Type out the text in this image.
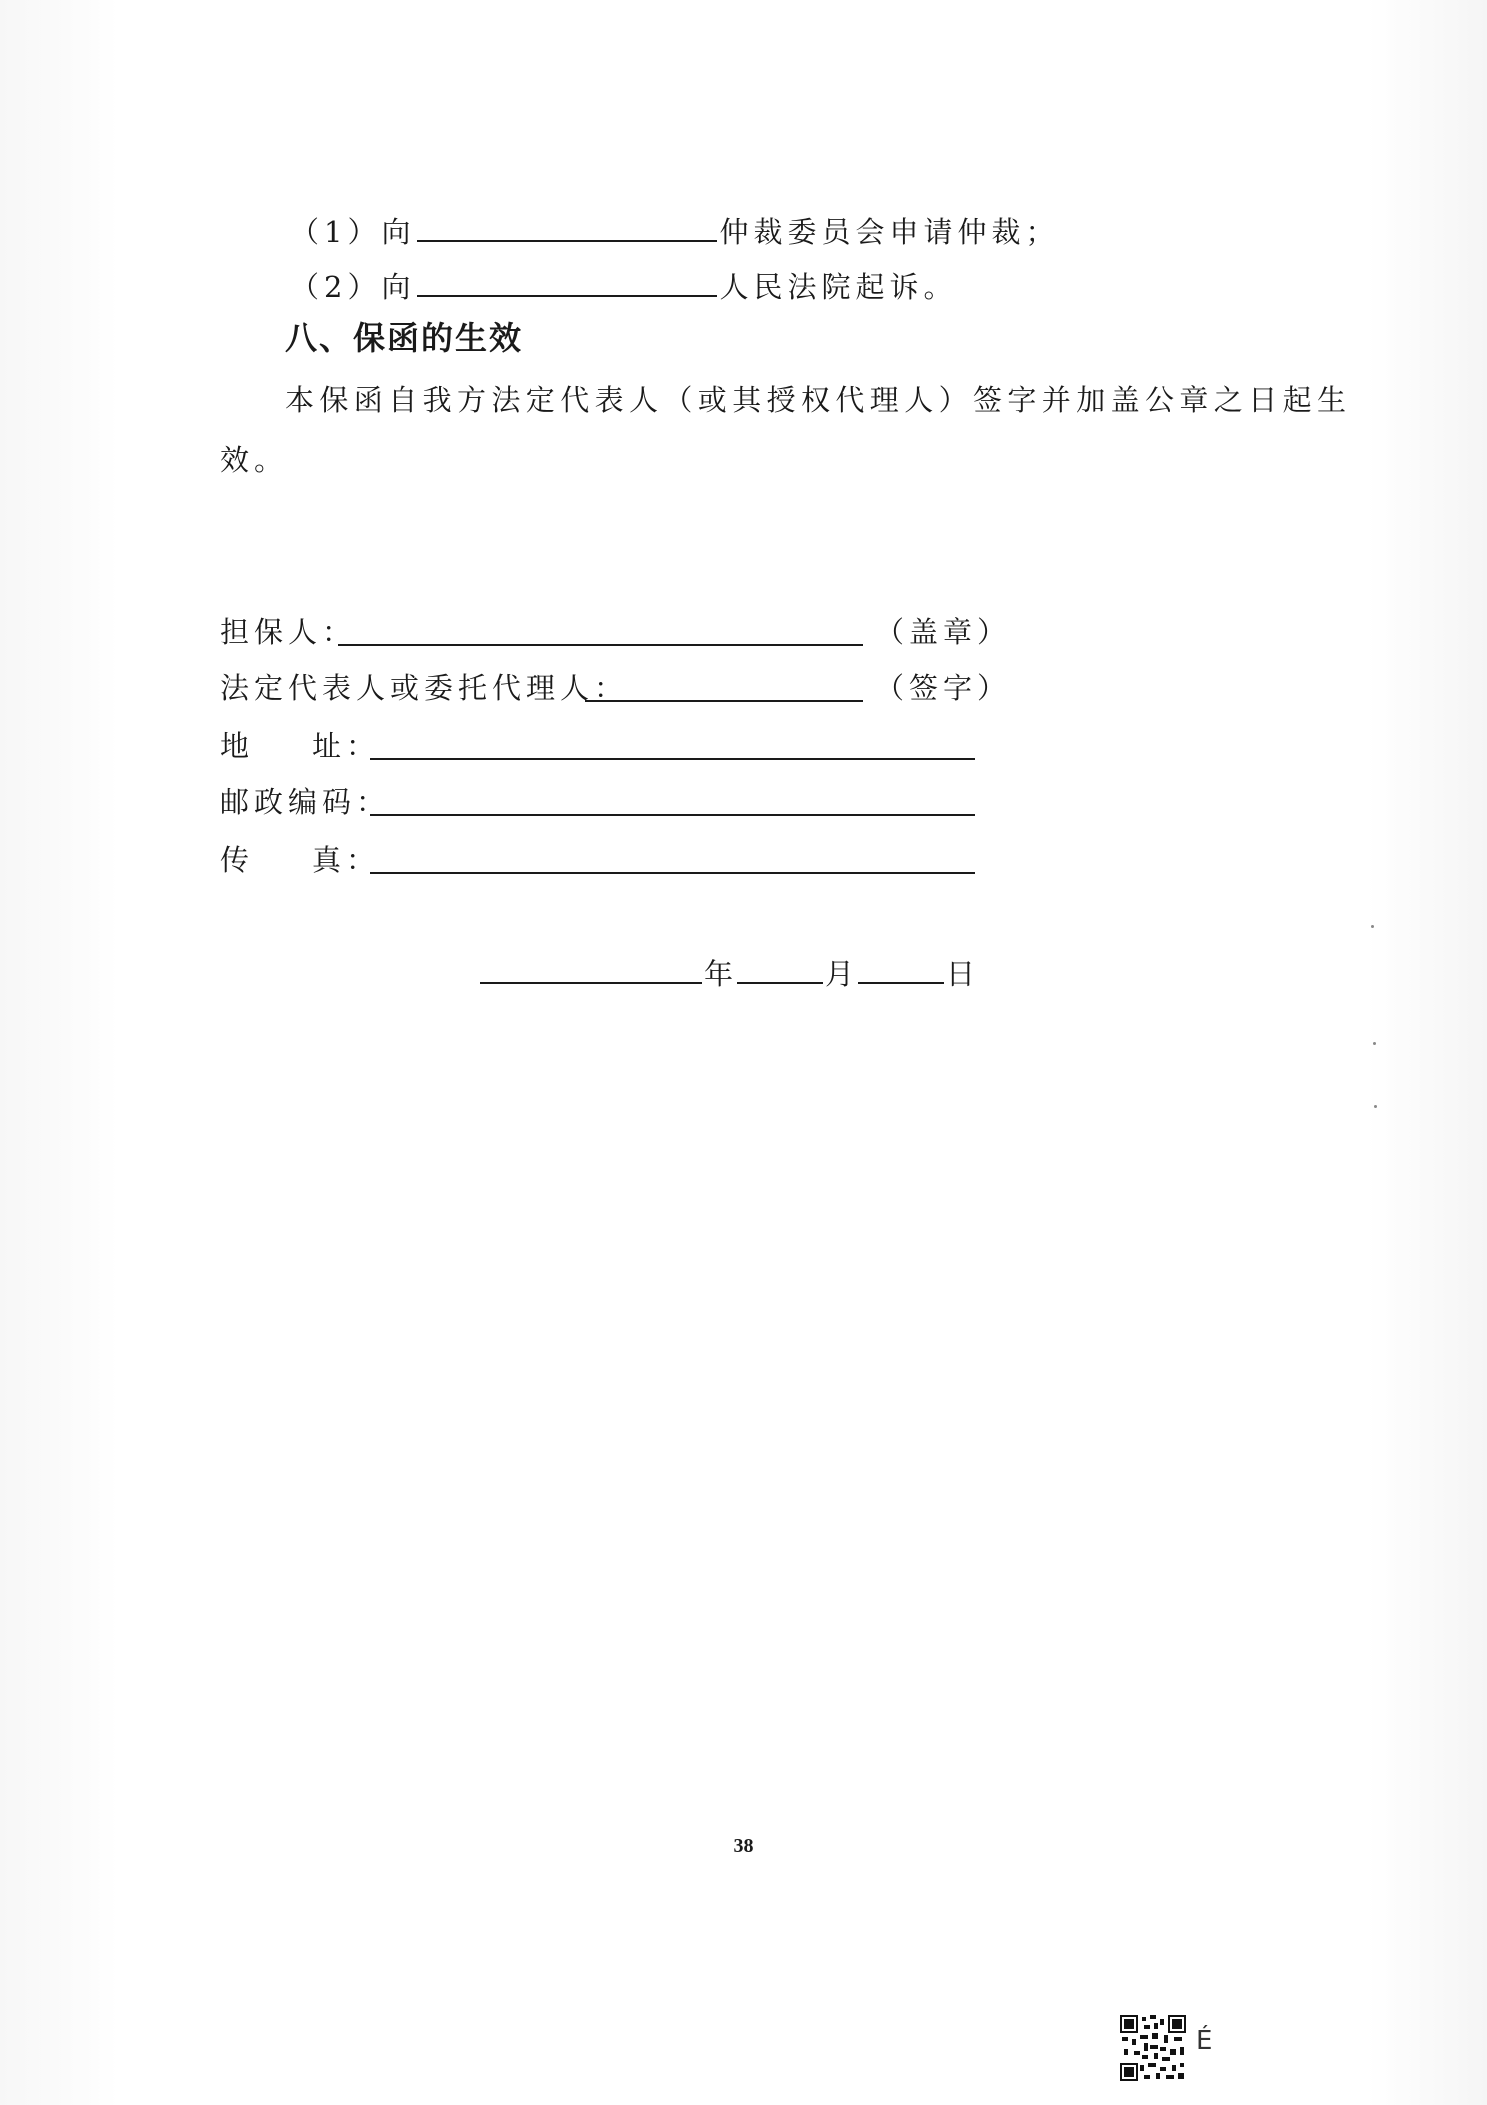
（1）向	仲裁委员会申请仲裁；
（2）向	人民法院起诉。
八、保函的生效
本保函自我方法定代表人（或其授权代理人）签字并加盖公章之日起生
效。
担保人：	（盖章）
法定代表人或委托代理人：	（签字）
地 址：
邮政编码：
传 真：
年	月	日
38
É
